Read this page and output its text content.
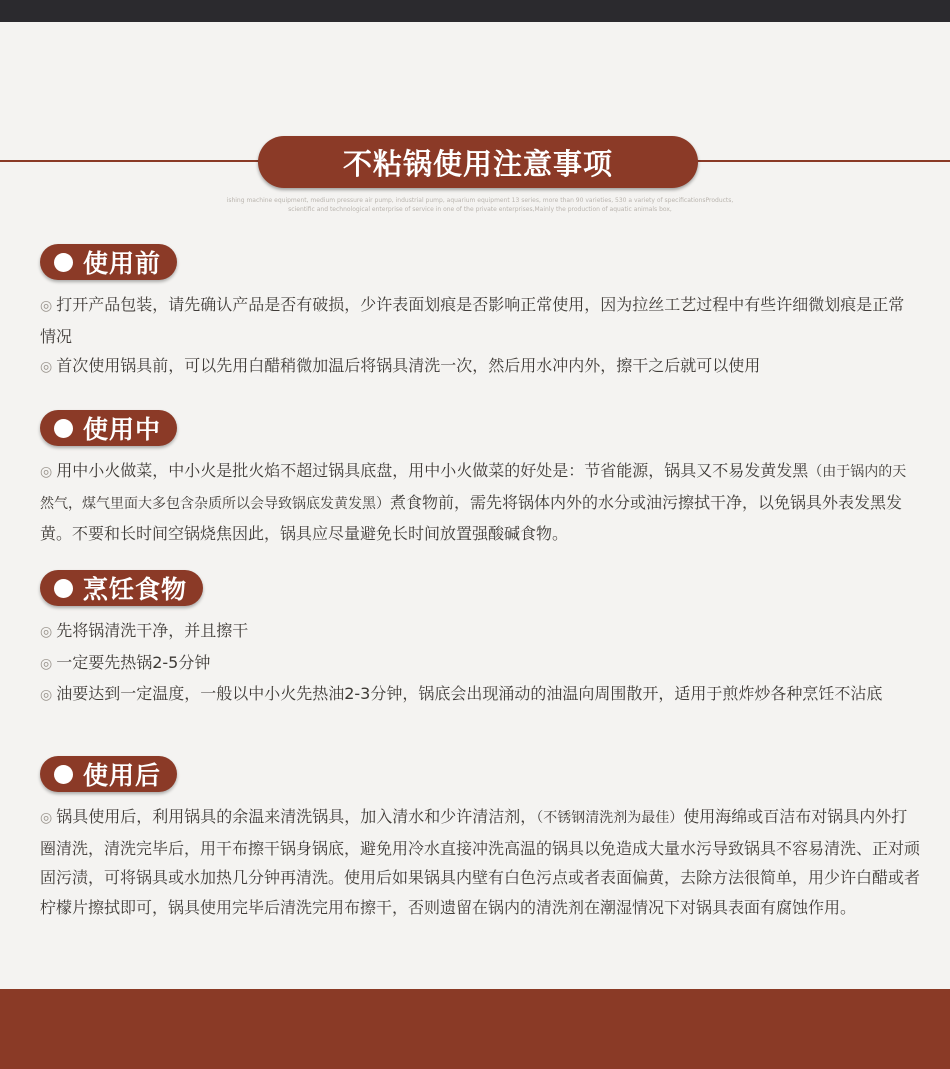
不粘锅使用注意事项
ishing machine equipment, medium pressure air pump, industrial pump, aquarium equipment 13 series, more than 90 varieties, 530 a variety of specificationsProducts,
scientific and technological enterprise of service in one of the private enterprises,Mainly the production of aquatic animals box,
使用前

◎ 打开产品包装，请先确认产品是否有破损，少许表面划痕是否影响正常使用，因为拉丝工艺过程中有些许细微划痕是正常情况

◎ 首次使用锅具前，可以先用白醋稍微加温后将锅具清洗一次，然后用水冲内外，擦干之后就可以使用

使用中

◎ 用中小火做菜，中小火是批火焰不超过锅具底盘，用中小火做菜的好处是：节省能源，锅具又不易发黄发黑（由于锅内的天然气，煤气里面大多包含杂质所以会导致锅底发黄发黑）煮食物前，需先将锅体内外的水分或油污擦拭干净，以免锅具外表发黑发黄。不要和长时间空锅烧焦因此，锅具应尽量避免长时间放置强酸碱食物。

烹饪食物

◎ 先将锅清洗干净，并且擦干

◎ 一定要先热锅2-5分钟

◎ 油要达到一定温度，一般以中小火先热油2-3分钟，锅底会出现涌动的油温向周围散开，适用于煎炸炒各种烹饪不沾底

使用后

◎ 锅具使用后，利用锅具的余温来清洗锅具，加入清水和少许清洁剂，（不锈钢清洗剂为最佳）使用海绵或百洁布对锅具内外打圈清洗，清洗完毕后，用干布擦干锅身锅底，避免用冷水直接冲洗高温的锅具以免造成大量水污导致锅具不容易清洗、正对顽固污渍，可将锅具或水加热几分钟再清洗。使用后如果锅具内壁有白色污点或者表面偏黄，去除方法很简单，用少许白醋或者柠檬片擦拭即可，锅具使用完毕后清洗完用布擦干，否则遗留在锅内的清洗剂在潮湿情况下对锅具表面有腐蚀作用。
